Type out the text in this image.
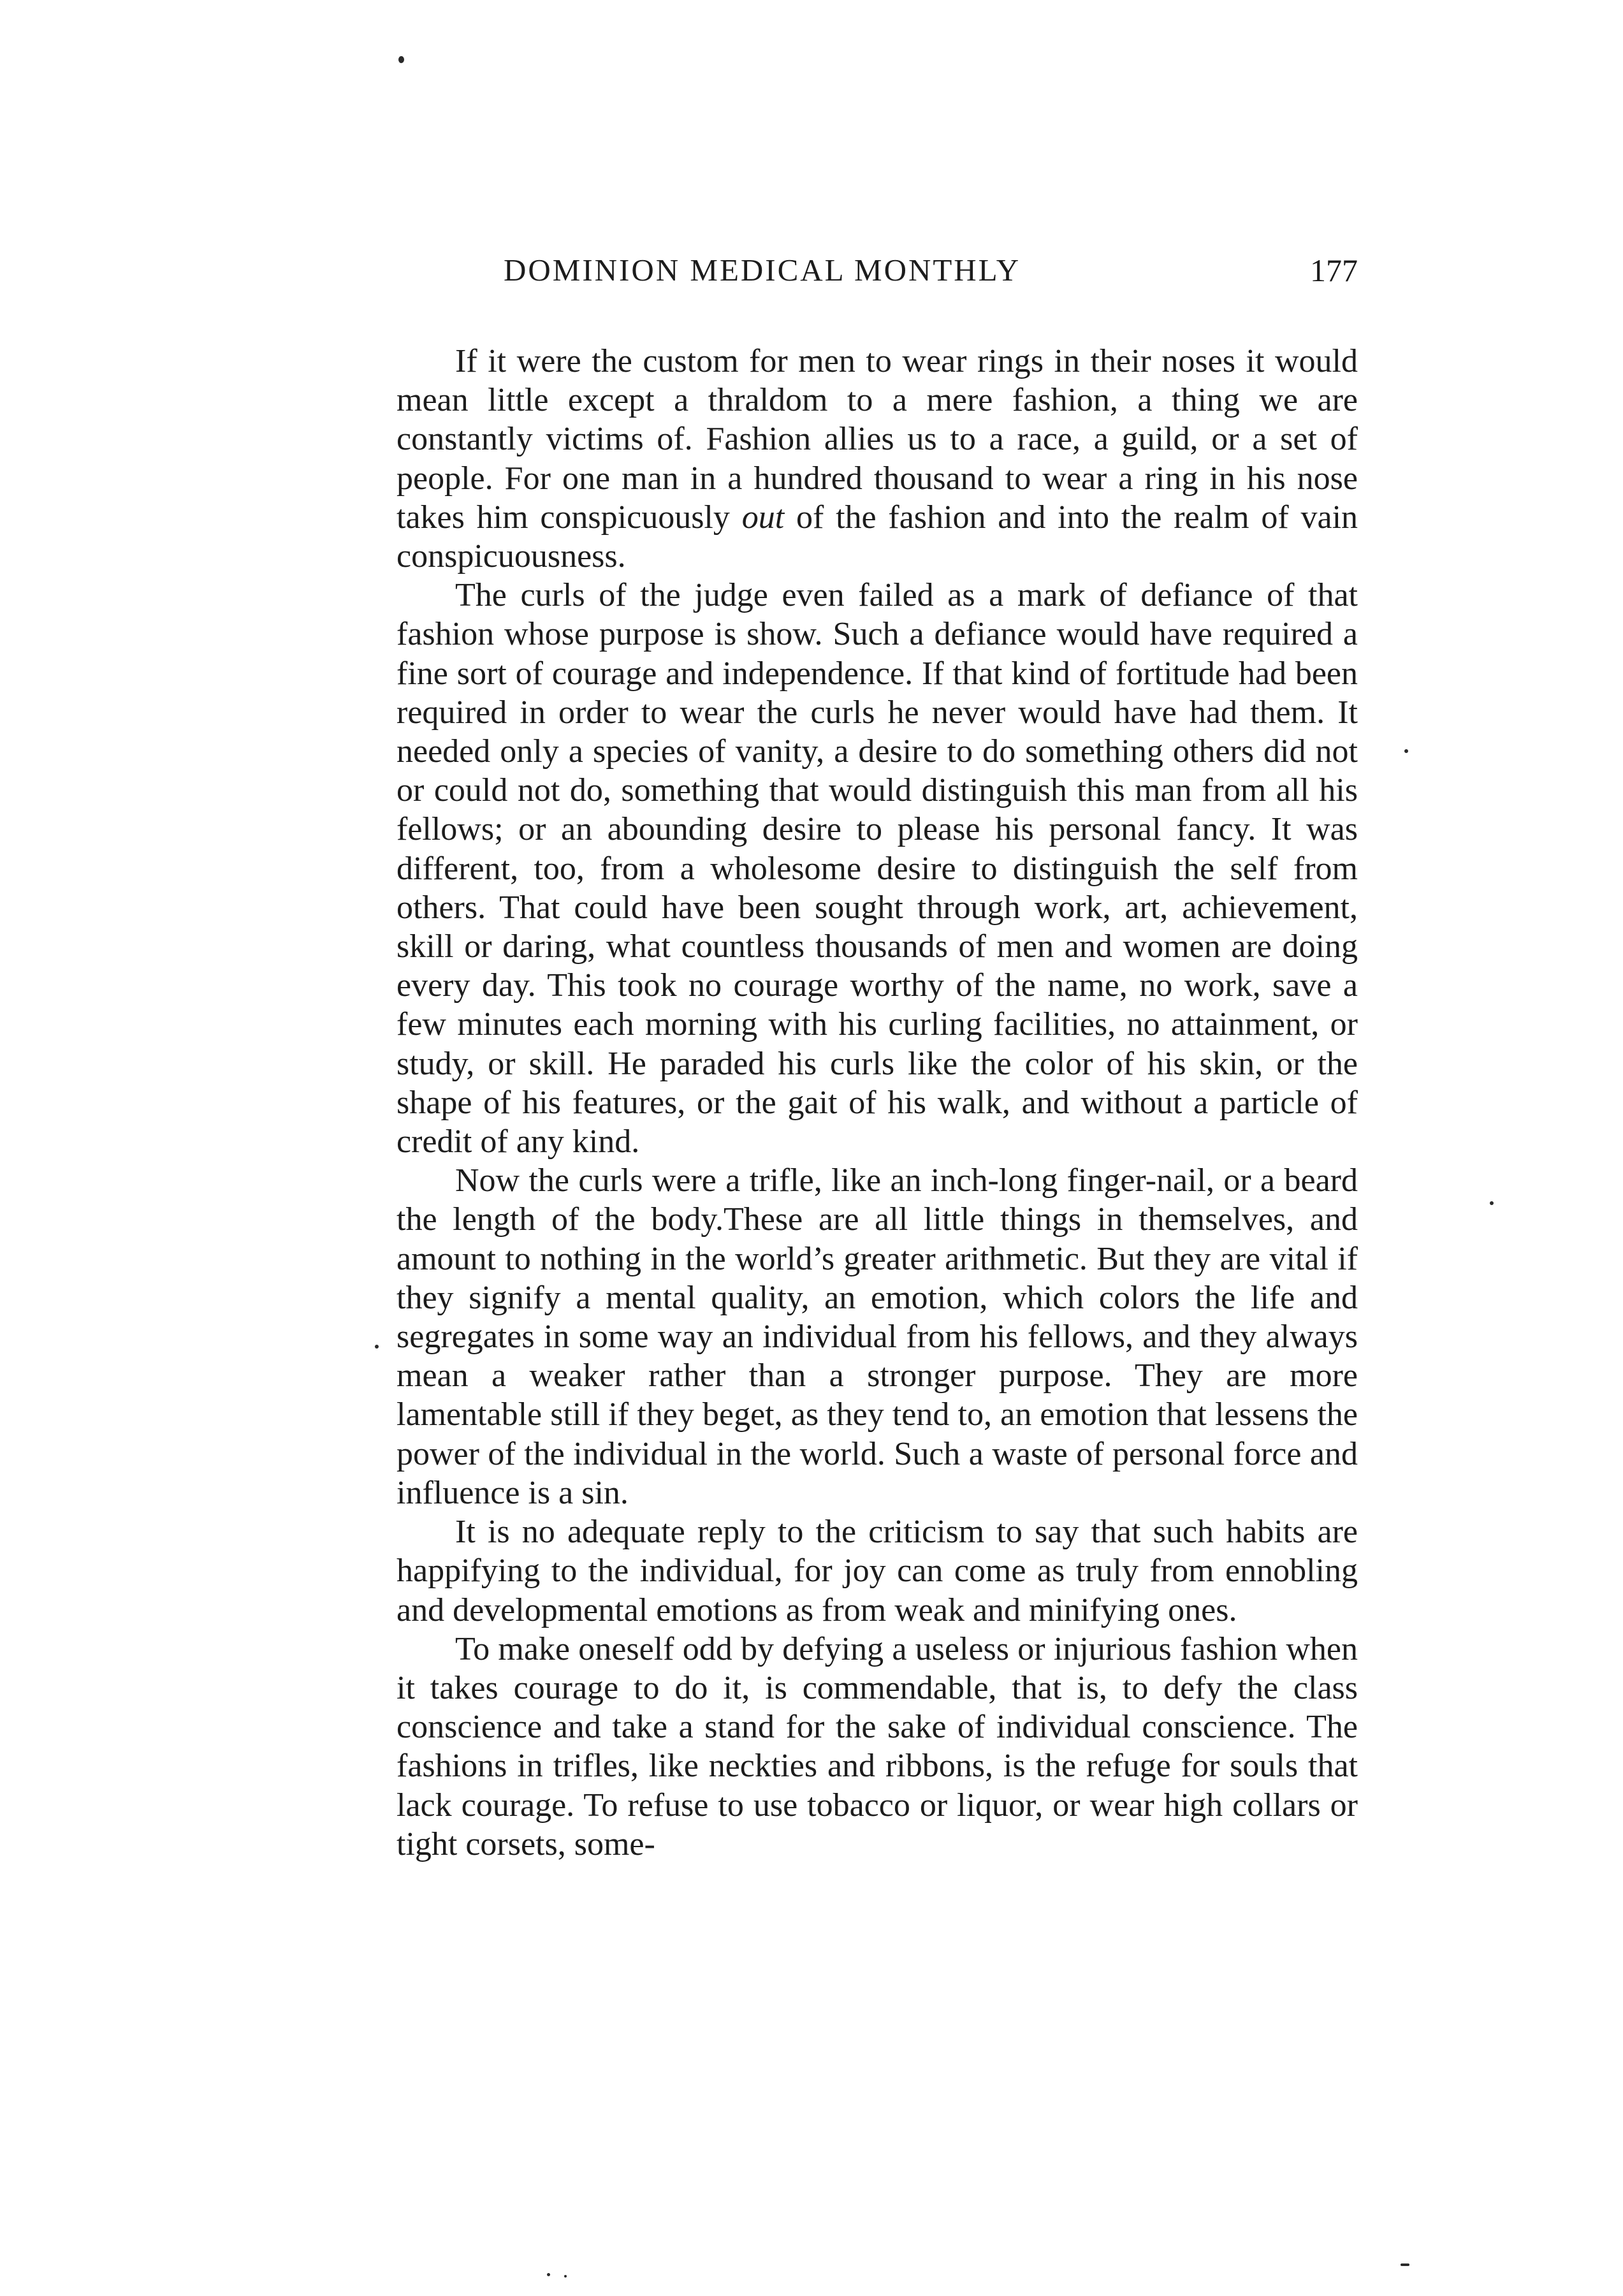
DOMINION MEDICAL MONTHLY	177

If it were the custom for men to wear rings in their noses it would mean little except a thraldom to a mere fashion, a thing we are constantly victims of. Fashion allies us to a race, a guild, or a set of people. For one man in a hundred thousand to wear a ring in his nose takes him conspicuously out of the fashion and into the realm of vain conspicuousness.

The curls of the judge even failed as a mark of defiance of that fashion whose purpose is show. Such a defiance would have required a fine sort of courage and independence. If that kind of fortitude had been required in order to wear the curls he never would have had them. It needed only a species of vanity, a desire to do something others did not or could not do, something that would distinguish this man from all his fellows; or an abounding desire to please his personal fancy. It was different, too, from a wholesome desire to distinguish the self from others. That could have been sought through work, art, achievement, skill or daring, what countless thousands of men and women are doing every day. This took no courage worthy of the name, no work, save a few minutes each morning with his curling facilities, no attainment, or study, or skill. He paraded his curls like the color of his skin, or the shape of his features, or the gait of his walk, and without a particle of credit of any kind.

Now the curls were a trifle, like an inch-long finger-nail, or a beard the length of the body.These are all little things in themselves, and amount to nothing in the world’s greater arithmetic. But they are vital if they signify a mental quality, an emotion, which colors the life and segregates in some way an individual from his fellows, and they always mean a weaker rather than a stronger purpose. They are more lamentable still if they beget, as they tend to, an emotion that lessens the power of the individual in the world. Such a waste of personal force and influence is a sin.

It is no adequate reply to the criticism to say that such habits are happifying to the individual, for joy can come as truly from ennobling and developmental emotions as from weak and minifying ones.

To make oneself odd by defying a useless or injurious fashion when it takes courage to do it, is commendable, that is, to defy the class conscience and take a stand for the sake of individual conscience. The fashions in trifles, like neckties and ribbons, is the refuge for souls that lack courage. To refuse to use tobacco or liquor, or wear high collars or tight corsets, some-
